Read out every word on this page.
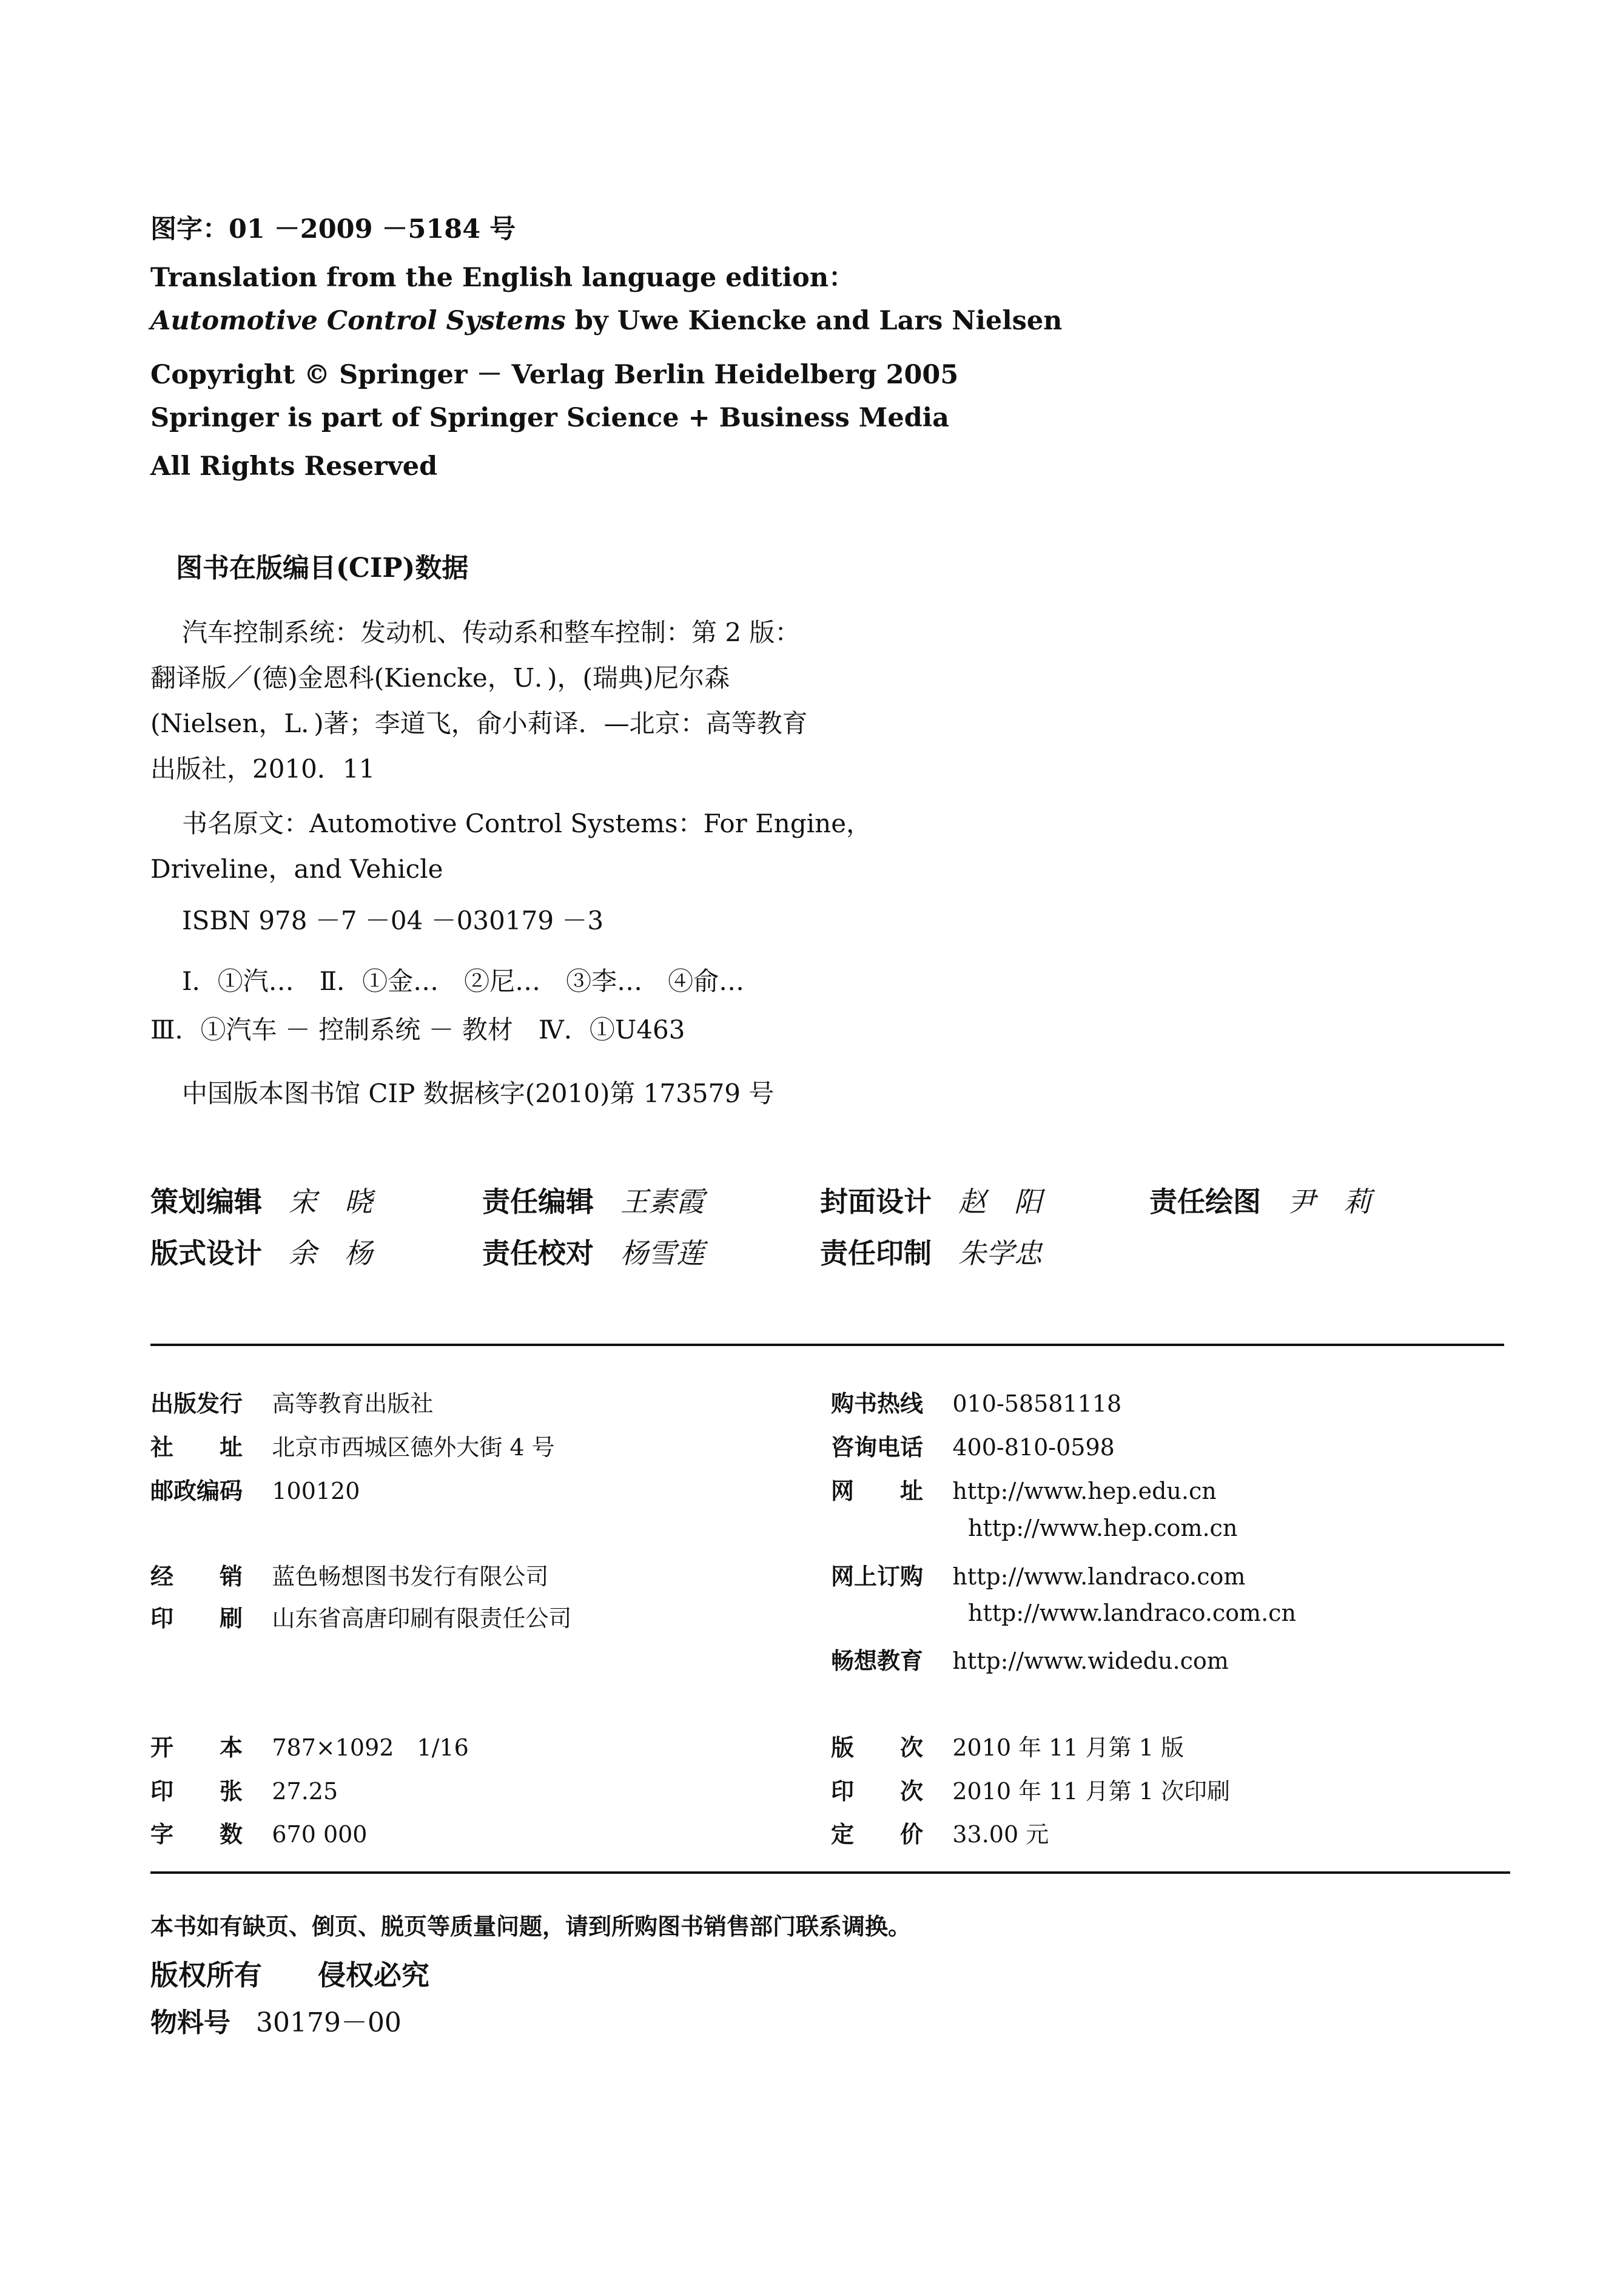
图字：01 －2009 －5184 号
Translation from the English language edition：
Automotive Control Systems by Uwe Kiencke and Lars Nielsen
Copyright © Springer － Verlag Berlin Heidelberg 2005
Springer is part of Springer Science + Business Media
All Rights Reserved
图书在版编目(CIP)数据
汽车控制系统：发动机、传动系和整车控制：第 2 版：
翻译版／(德)金恩科(Kiencke，U．)，(瑞典)尼尔森
(Nielsen，L．)著；李道飞，俞小莉译．—北京：高等教育
出版社，2010．11
书名原文：Automotive Control Systems：For Engine，
Driveline，and Vehicle
ISBN 978 －7 －04 －030179 －3
Ⅰ．①汽…　Ⅱ．①金…　②尼…　③李…　④俞…
Ⅲ．①汽车 － 控制系统 － 教材　Ⅳ．①U463
中国版本图书馆 CIP 数据核字(2010)第 173579 号
策划编辑 宋　晓	责任编辑 王素霞	封面设计 赵　阳	责任绘图 尹　莉
版式设计 余　杨	责任校对 杨雪莲	责任印制 朱学忠
出版发行 高等教育出版社
社　　址 北京市西城区德外大街 4 号
邮政编码 100120
经　　销 蓝色畅想图书发行有限公司
印　　刷 山东省高唐印刷有限责任公司
购书热线 010-58581118
咨询电话 400-810-0598
网　　址 http://www.hep.edu.cn
http://www.hep.com.cn
网上订购 http://www.landraco.com
http://www.landraco.com.cn
畅想教育 http://www.widedu.com
开　　本 787×1092　1/16
印　　张 27.25
字　　数 670 000
版　　次 2010 年 11 月第 1 版
印　　次 2010 年 11 月第 1 次印刷
定　　价 33.00 元
本书如有缺页、倒页、脱页等质量问题，请到所购图书销售部门联系调换。
版权所有　　侵权必究
物料号 30179－00
